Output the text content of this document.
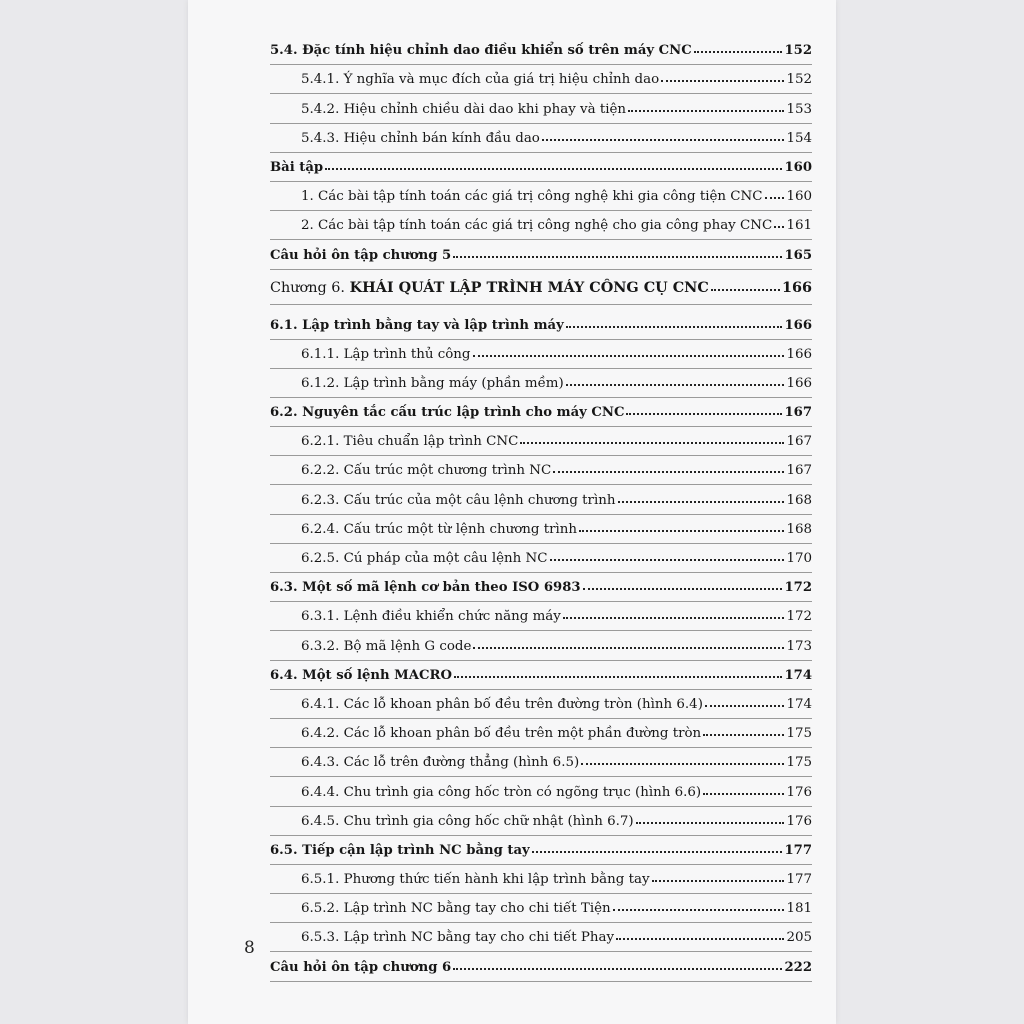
5.4. Đặc tính hiệu chỉnh dao điều khiển số trên máy CNC	152
5.4.1. Ý nghĩa và mục đích của giá trị hiệu chỉnh dao	152
5.4.2. Hiệu chỉnh chiều dài dao khi phay và tiện	153
5.4.3. Hiệu chỉnh bán kính đầu dao	154
Bài tập	160
1. Các bài tập tính toán các giá trị công nghệ khi gia công tiện CNC 160
2. Các bài tập tính toán các giá trị công nghệ cho gia công phay CNC 161
Câu hỏi ôn tập chương 5	165
Chương 6. KHÁI QUÁT LẬP TRÌNH MÁY CÔNG CỤ CNC	166
6.1. Lập trình bằng tay và lập trình máy	166
6.1.1. Lập trình thủ công	166
6.1.2. Lập trình bằng máy (phần mềm)	166
6.2. Nguyên tắc cấu trúc lập trình cho máy CNC	167
6.2.1. Tiêu chuẩn lập trình CNC	167
6.2.2. Cấu trúc một chương trình NC	167
6.2.3. Cấu trúc của một câu lệnh chương trình	168
6.2.4. Cấu trúc một từ lệnh chương trình	168
6.2.5. Cú pháp của một câu lệnh NC	170
6.3. Một số mã lệnh cơ bản theo ISO 6983	172
6.3.1. Lệnh điều khiển chức năng máy	172
6.3.2. Bộ mã lệnh G code	173
6.4. Một số lệnh MACRO	174
6.4.1. Các lỗ khoan phân bố đều trên đường tròn (hình 6.4)	174
6.4.2. Các lỗ khoan phân bố đều trên một phần đường tròn	175
6.4.3. Các lỗ trên đường thẳng (hình 6.5)	175
6.4.4. Chu trình gia công hốc tròn có ngõng trục (hình 6.6)	176
6.4.5. Chu trình gia công hốc chữ nhật (hình 6.7)	176
6.5. Tiếp cận lập trình NC bằng tay	177
6.5.1. Phương thức tiến hành khi lập trình bằng tay	177
6.5.2. Lập trình NC bằng tay cho chi tiết Tiện	181
6.5.3. Lập trình NC bằng tay cho chi tiết Phay	205
Câu hỏi ôn tập chương 6	222
8
